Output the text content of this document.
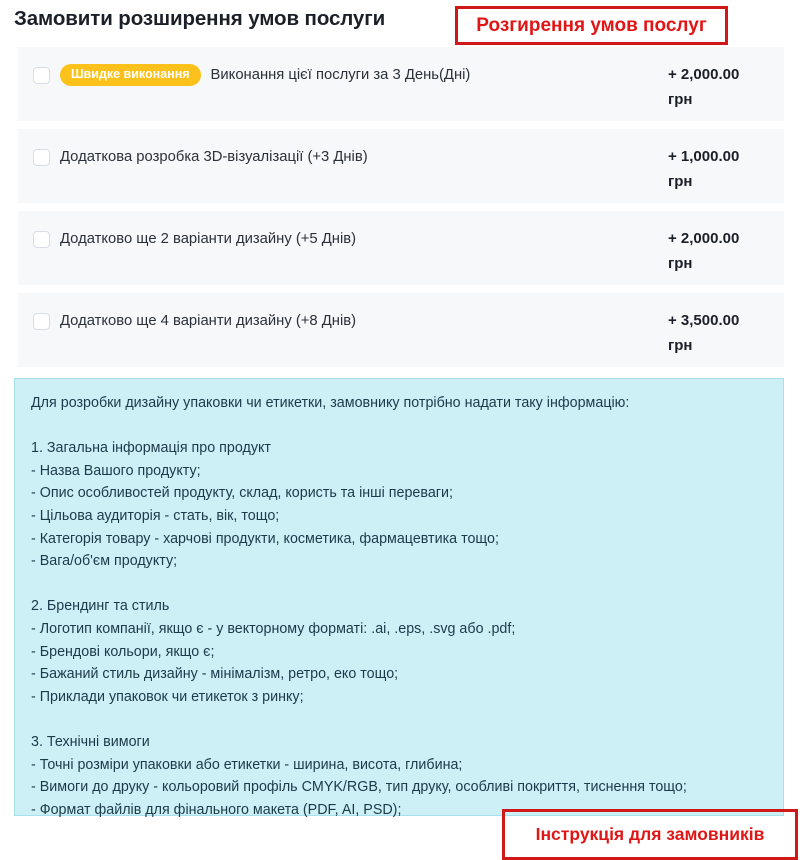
Замовити розширення умов послуги	Розгирення умов послуг
Швидке виконання	Виконання цієї послуги за 3 День(Дні)	+ 2,000.00
грн
Додаткова розробка 3D-візуалізації (+3 Днів)	+ 1,000.00
грн
Додатково ще 2 варіанти дизайну (+5 Днів)	+ 2,000.00
грн
Додатково ще 4 варіанти дизайну (+8 Днів)	+ 3,500.00
грн
Для розробки дизайну упаковки чи етикетки, замовнику потрібно надати таку інформацію:
1. Загальна інформація про продукт
- Назва Вашого продукту;
- Опис особливостей продукту, склад, користь та інші переваги;
- Цільова аудиторія - стать, вік, тощо;
- Категорія товару - харчові продукти, косметика, фармацевтика тощо;
- Вага/об'єм продукту;
2. Брендинг та стиль
- Логотип компанії, якщо є - у векторному форматі: .ai, .eps, .svg або .pdf;
- Брендові кольори, якщо є;
- Бажаний стиль дизайну - мінімалізм, ретро, еко тощо;
- Приклади упаковок чи етикеток з ринку;
3. Технічні вимоги
- Точні розміри упаковки або етикетки - ширина, висота, глибина;
- Вимоги до друку - кольоровий профіль CMYK/RGB, тип друку, особливі покриття, тиснення тощо;
- Формат файлів для фінального макета (PDF, AI, PSD);
Інструкція для замовників
